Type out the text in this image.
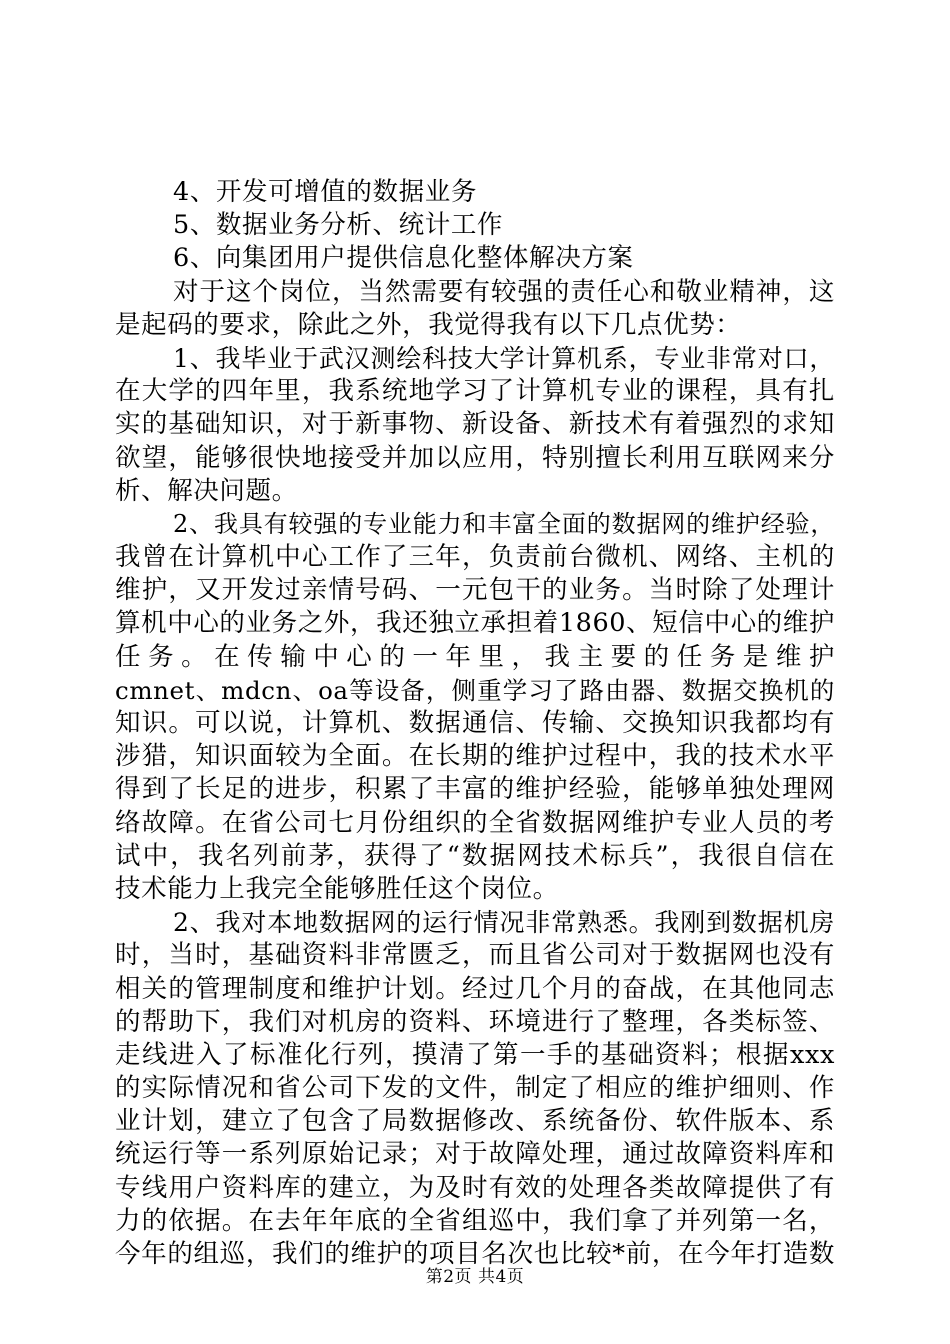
4、开发可增值的数据业务
5、数据业务分析、统计工作
6、向集团用户提供信息化整体解决方案
对于这个岗位，当然需要有较强的责任心和敬业精神，这
是起码的要求，除此之外，我觉得我有以下几点优势：
1、我毕业于武汉测绘科技大学计算机系，专业非常对口，
在大学的四年里，我系统地学习了计算机专业的课程，具有扎
实的基础知识，对于新事物、新设备、新技术有着强烈的求知
欲望，能够很快地接受并加以应用，特别擅长利用互联网来分
析、解决问题。
2、我具有较强的专业能力和丰富全面的数据网的维护经验，
我曾在计算机中心工作了三年，负责前台微机、网络、主机的
维护，又开发过亲情号码、一元包干的业务。当时除了处理计
算机中心的业务之外，我还独立承担着1860、短信中心的维护
任务。在传输中心的一年里，我主要的任务是维护
cmnet、mdcn、oa等设备，侧重学习了路由器、数据交换机的
知识。可以说，计算机、数据通信、传输、交换知识我都均有
涉猎，知识面较为全面。在长期的维护过程中，我的技术水平
得到了长足的进步，积累了丰富的维护经验，能够单独处理网
络故障。在省公司七月份组织的全省数据网维护专业人员的考
试中，我名列前茅，获得了“数据网技术标兵”，我很自信在
技术能力上我完全能够胜任这个岗位。
2、我对本地数据网的运行情况非常熟悉。我刚到数据机房
时，当时，基础资料非常匮乏，而且省公司对于数据网也没有
相关的管理制度和维护计划。经过几个月的奋战，在其他同志
的帮助下，我们对机房的资料、环境进行了整理，各类标签、
走线进入了标准化行列，摸清了第一手的基础资料；根据xxx
的实际情况和省公司下发的文件，制定了相应的维护细则、作
业计划，建立了包含了局数据修改、系统备份、软件版本、系
统运行等一系列原始记录；对于故障处理，通过故障资料库和
专线用户资料库的建立，为及时有效的处理各类故障提供了有
力的依据。在去年年底的全省组巡中，我们拿了并列第一名，
今年的组巡，我们的维护的项目名次也比较*前，在今年打造数
第2页 共4页
